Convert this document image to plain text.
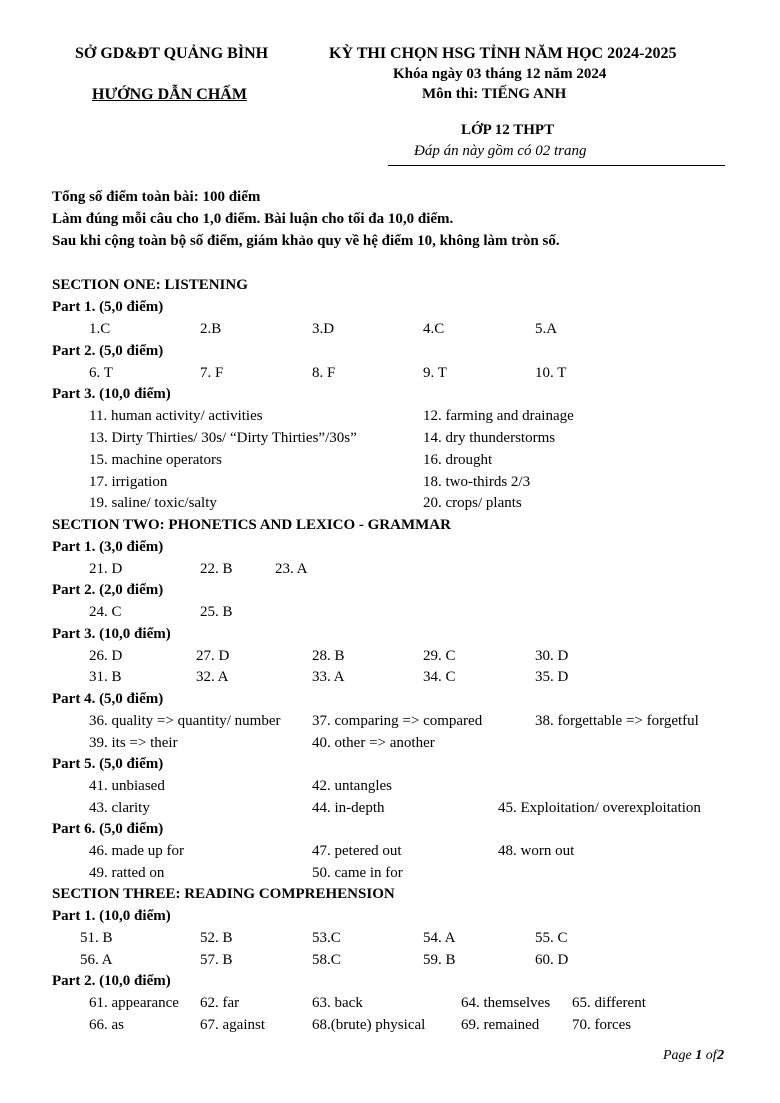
SỞ GD&ĐT QUẢNG BÌNH
HƯỚNG DẪN CHẤM
KỲ THI CHỌN HSG TỈNH NĂM HỌC 2024-2025
Khóa ngày 03 tháng 12 năm 2024
Môn thi: TIẾNG ANH
LỚP 12 THPT
Đáp án này gồm có 02 trang
Tổng số điểm toàn bài: 100 điểm
Làm đúng mỗi câu cho 1,0 điểm. Bài luận cho tối đa 10,0 điểm.
Sau khi cộng toàn bộ số điểm, giám khảo quy về hệ điểm 10, không làm tròn số.
SECTION ONE: LISTENING
Part 1. (5,0 điểm)
1.C	2.B	3.D	4.C	5.A
Part 2. (5,0 điểm)
6. T	7. F	8. F	9. T	10. T
Part 3. (10,0 điểm)
11. human activity/ activities	12. farming and drainage
13. Dirty Thirties/ 30s/ “Dirty Thirties”/30s”	14. dry thunderstorms
15. machine operators	16. drought
17. irrigation	18. two-thirds 2/3
19. saline/ toxic/salty	20. crops/ plants
SECTION TWO: PHONETICS AND LEXICO - GRAMMAR
Part 1. (3,0 điểm)
21. D	22. B	23. A
Part 2. (2,0 điểm)
24. C	25. B
Part 3. (10,0 điểm)
26. D	27. D	28. B	29. C	30. D
31. B	32. A	33. A	34. C	35. D
Part 4. (5,0 điểm)
36. quality => quantity/ number 37. comparing => compared	38. forgettable => forgetful
39. its => their	40. other => another
Part 5. (5,0 điểm)
41. unbiased	42. untangles
43. clarity	44. in-depth	45. Exploitation/ overexploitation
Part 6. (5,0 điểm)
46. made up for	47. petered out	48. worn out
49. ratted on	50. came in for
SECTION THREE: READING COMPREHENSION
Part 1. (10,0 điểm)
51. B	52. B	53.C	54. A	55. C
56. A	57. B	58.C	59. B	60. D
Part 2. (10,0 điểm)
61. appearance 62. far	63. back	64. themselves 65. different
66. as	67. against	68.(brute) physical 69. remained 70. forces
Page 1 of 2
